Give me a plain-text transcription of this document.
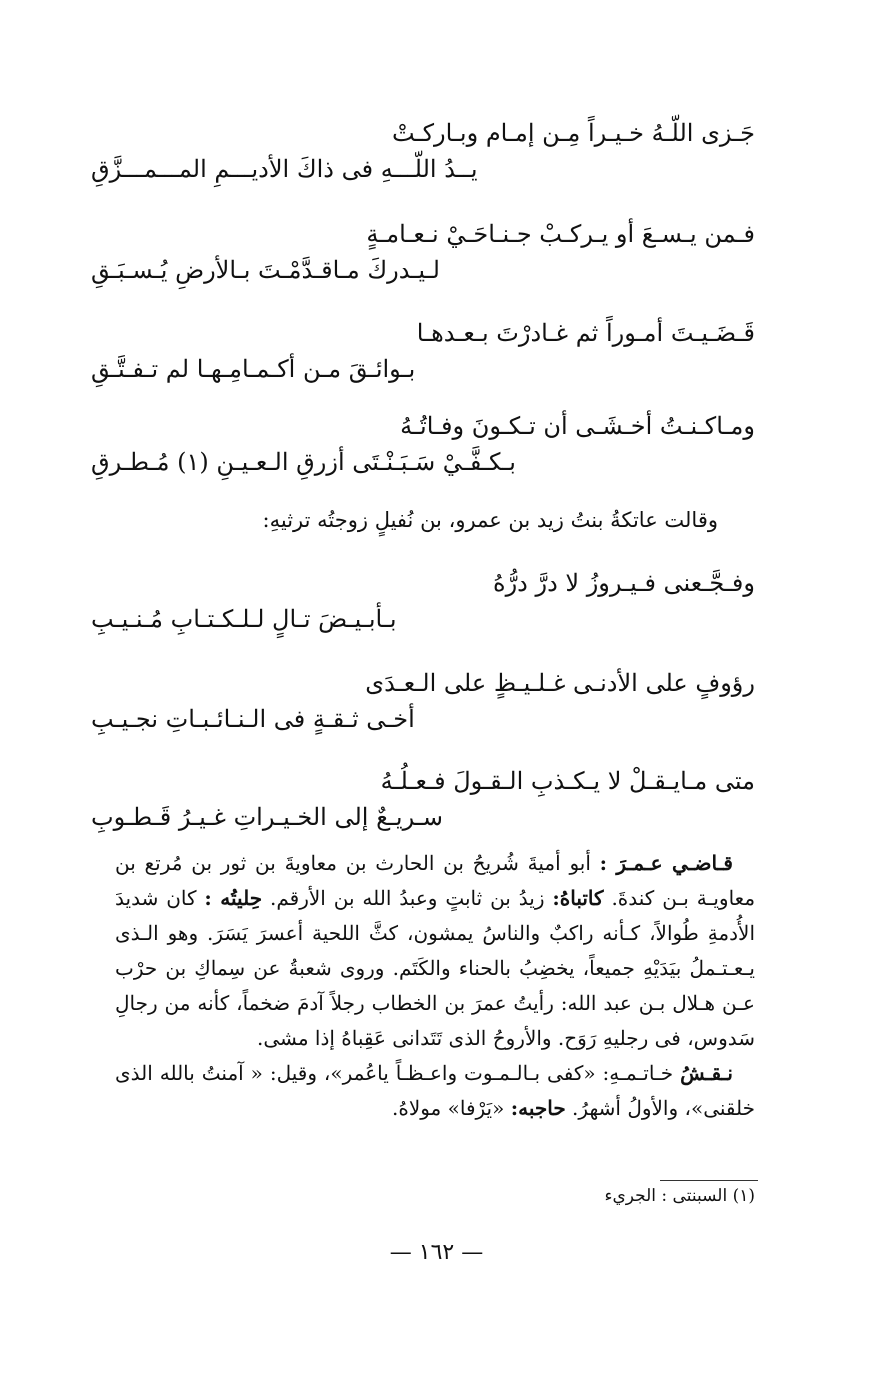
جَـزى اللّـهُ خـيـراً مِـن إمـام وبـاركـتْ
يــدُ اللّـــهِ فى ذاكَ الأديـــمِ المـــمـــزَّقِ
فـمن يـسـعَ أو يـركـبْ جـنـاحَـيْ نـعـامـةٍ
لـيـدركَ مـاقـدَّمْـتَ بـالأرضِ يُـسـبَـقِ
قَـضَـيـتَ أمـوراً ثم غـادرْتَ بـعـدهـا
بـوائـقَ مـن أكـمـامِـهـا لم تـفـتَّـقِ
ومـاكـنـتُ أخـشَـى أن تـكـونَ وفـاتُـهُ
بـكـفَّـيْ سَـبَـنْـتَى أزرقِ الـعـيـنِ (١) مُـطـرقِ
وقالت عاتكةُ بنتُ زيد بن عمرو، بن نُفيلٍ زوجتُه ترثيهِ:
وفـجَّـعنى فـيـروزُ لا درَّ درُّهُ
بـأبـيـضَ تـالٍ لـلـكـتـابِ مُـنـيـبِ
رؤوفٍ على الأدنـى غـلـيـظٍ على الـعـدَى
أخـى ثـقـةٍ فى الـنـائـبـاتِ نجـيـبِ
متى مـايـقـلْ لا يـكـذبِ الـقـولَ فـعـلُـهُ
سـريـعٌ إلى الخـيـراتِ غـيـرُ قَـطـوبِ

قـاضـي عـمـرَ : أبو أميةَ شُريحُ بن الحارث بن معاويةَ بن ثور بن مُرتع بن معاويـة بـن كندةَ. كاتباهُ: زيدُ بن ثابتٍ وعبدُ الله بن الأرقم. حِليتُه : كان شديدَ الأُدمةِ طُوالاً، كـأنه راكبٌ والناسُ يمشون، كثَّ اللحية أعسرَ يَسَرَ. وهو الـذى يـعـتـملُ بيَدَيْهِ جميعاً، يخضِبُ بالحناء والكَتَم. وروى شعبةُ عن سِماكِ بن حرْب عـن هـلال بـن عبد الله: رأيتُ عمرَ بن الخطاب رجلاً آدمَ ضخماً، كأنه من رجالِ سَدوس، فى رجليهِ رَوَح. والأروحُ الذى تَتَدانى عَقِباهُ إذا مشى.

نـقـشُ خـاتـمـهِ: «كفى بـالـمـوت واعـظـاً ياعُمر»، وقيل: « آمنتُ بالله الذى خلقنى»، والأولُ أشهرُ. حاجبه: «يَرْفا» مولاهُ.

(١) السبنتى : الجريء
— ١٦٢ —
